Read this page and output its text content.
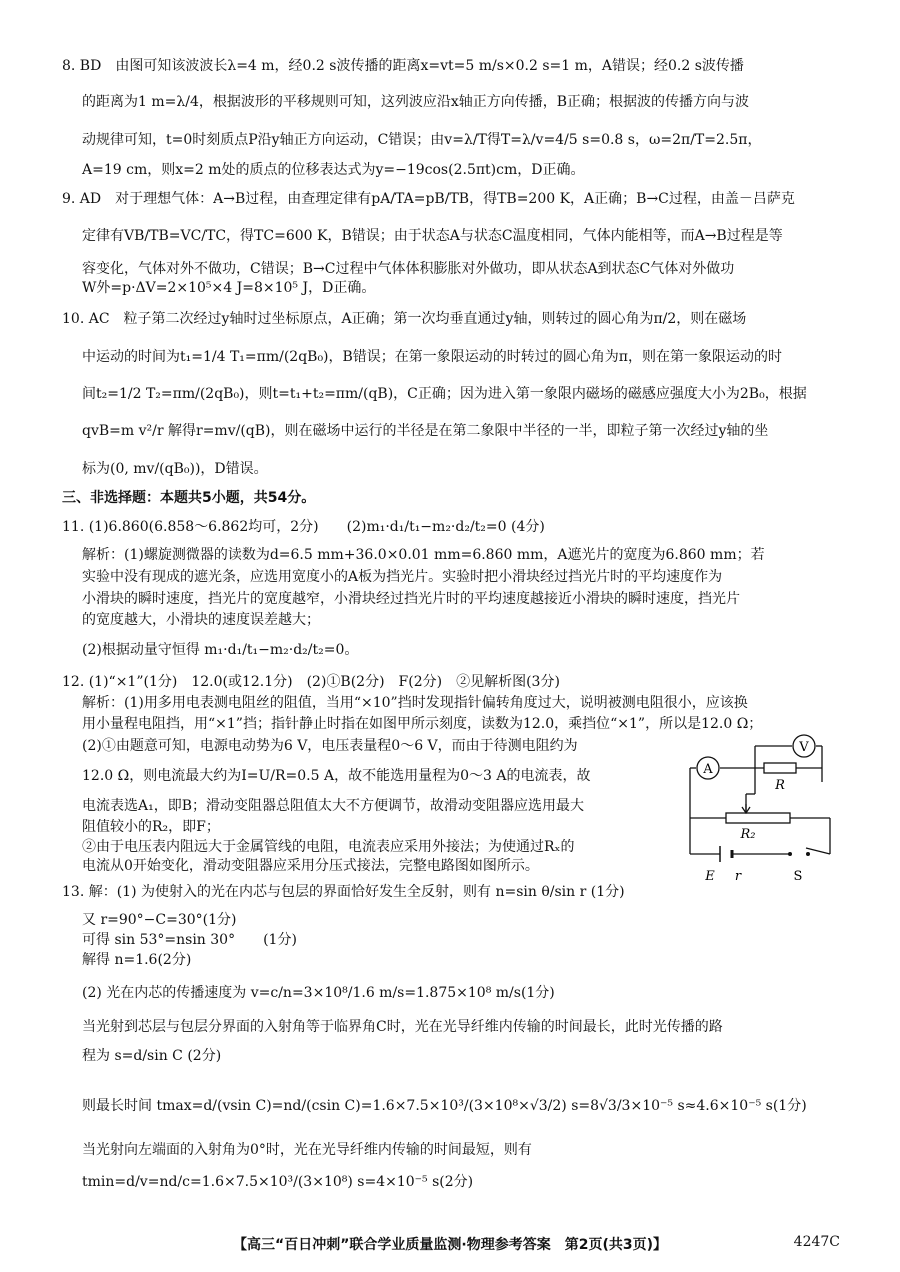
8. BD　由图可知该波波长λ=4 m，经0.2 s波传播的距离x=vt=5 m/s×0.2 s=1 m，A错误；经0.2 s波传播
的距离为1 m=λ/4，根据波形的平移规则可知，这列波应沿x轴正方向传播，B正确；根据波的传播方向与波
动规律可知，t=0时刻质点P沿y轴正方向运动，C错误；由v=λ/T得T=λ/v=4/5 s=0.8 s，ω=2π/T=2.5π，
A=19 cm，则x=2 m处的质点的位移表达式为y=−19cos(2.5πt)cm，D正确。
9. AD　对于理想气体：A→B过程，由查理定律有pA/TA=pB/TB，得TB=200 K，A正确；B→C过程，由盖－吕萨克
定律有VB/TB=VC/TC，得TC=600 K，B错误；由于状态A与状态C温度相同，气体内能相等，而A→B过程是等
容变化，气体对外不做功，C错误；B→C过程中气体体积膨胀对外做功，即从状态A到状态C气体对外做功
W外=p·ΔV=2×10⁵×4 J=8×10⁵ J，D正确。
10. AC　粒子第二次经过y轴时过坐标原点，A正确；第一次均垂直通过y轴，则转过的圆心角为π/2，则在磁场
中运动的时间为t₁=1/4 T₁=πm/(2qB₀)，B错误；在第一象限运动的时转过的圆心角为π，则在第一象限运动的时
间t₂=1/2 T₂=πm/(2qB₀)，则t=t₁+t₂=πm/(qB)，C正确；因为进入第一象限内磁场的磁感应强度大小为2B₀，根据
qvB=m v²/r 解得r=mv/(qB)，则在磁场中运行的半径是在第二象限中半径的一半，即粒子第一次经过y轴的坐
标为(0, mv/(qB₀))，D错误。
三、非选择题：本题共5小题，共54分。
11. (1)6.860(6.858～6.862均可，2分)　　(2)m₁·d₁/t₁−m₂·d₂/t₂=0 (4分)
解析：(1)螺旋测微器的读数为d=6.5 mm+36.0×0.01 mm=6.860 mm，A遮光片的宽度为6.860 mm；若
实验中没有现成的遮光条，应选用宽度小的A板为挡光片。实验时把小滑块经过挡光片时的平均速度作为
小滑块的瞬时速度，挡光片的宽度越窄，小滑块经过挡光片时的平均速度越接近小滑块的瞬时速度，挡光片
的宽度越大，小滑块的速度误差越大；
(2)根据动量守恒得 m₁·d₁/t₁−m₂·d₂/t₂=0。
12. (1)“×1”(1分)　12.0(或12.1分)　(2)①B(2分)　F(2分)　②见解析图(3分)
解析：(1)用多用电表测电阻丝的阻值，当用“×10”挡时发现指针偏转角度过大，说明被测电阻很小，应该换
用小量程电阻挡，用“×1”挡；指针静止时指在如图甲所示刻度，读数为12.0，乘挡位“×1”，所以是12.0 Ω；
(2)①由题意可知，电源电动势为6 V，电压表量程0～6 V，而由于待测电阻约为
12.0 Ω，则电流最大约为I=U/R=0.5 A，故不能选用量程为0～3 A的电流表，故
电流表选A₁，即B；滑动变阻器总阻值太大不方便调节，故滑动变阻器应选用最大
阻值较小的R₂，即F；
②由于电压表内阻远大于金属管线的电阻，电流表应采用外接法；为使通过Rₓ的
电流从0开始变化，滑动变阻器应采用分压式接法，完整电路图如图所示。
13. 解：(1) 为使射入的光在内芯与包层的界面恰好发生全反射，则有 n=sin θ/sin r (1分)
又 r=90°−C=30°(1分)
可得 sin 53°=nsin 30°　　(1分)
解得 n=1.6(2分)
(2) 光在内芯的传播速度为 v=c/n=3×10⁸/1.6 m/s=1.875×10⁸ m/s(1分)
当光射到芯层与包层分界面的入射角等于临界角C时，光在光导纤维内传输的时间最长，此时光传播的路
程为 s=d/sin C (2分)
则最长时间 tmax=d/(vsin C)=nd/(csin C)=1.6×7.5×10³/(3×10⁸×√3/2) s=8√3/3×10⁻⁵ s≈4.6×10⁻⁵ s(1分)
当光射向左端面的入射角为0°时，光在光导纤维内传输的时间最短，则有
tmin=d/v=nd/c=1.6×7.5×10³/(3×10⁸) s=4×10⁻⁵ s(2分)
A
V
R
R₂
E r	S
【高三“百日冲刺”联合学业质量监测·物理参考答案　第2页(共3页)】	4247C
